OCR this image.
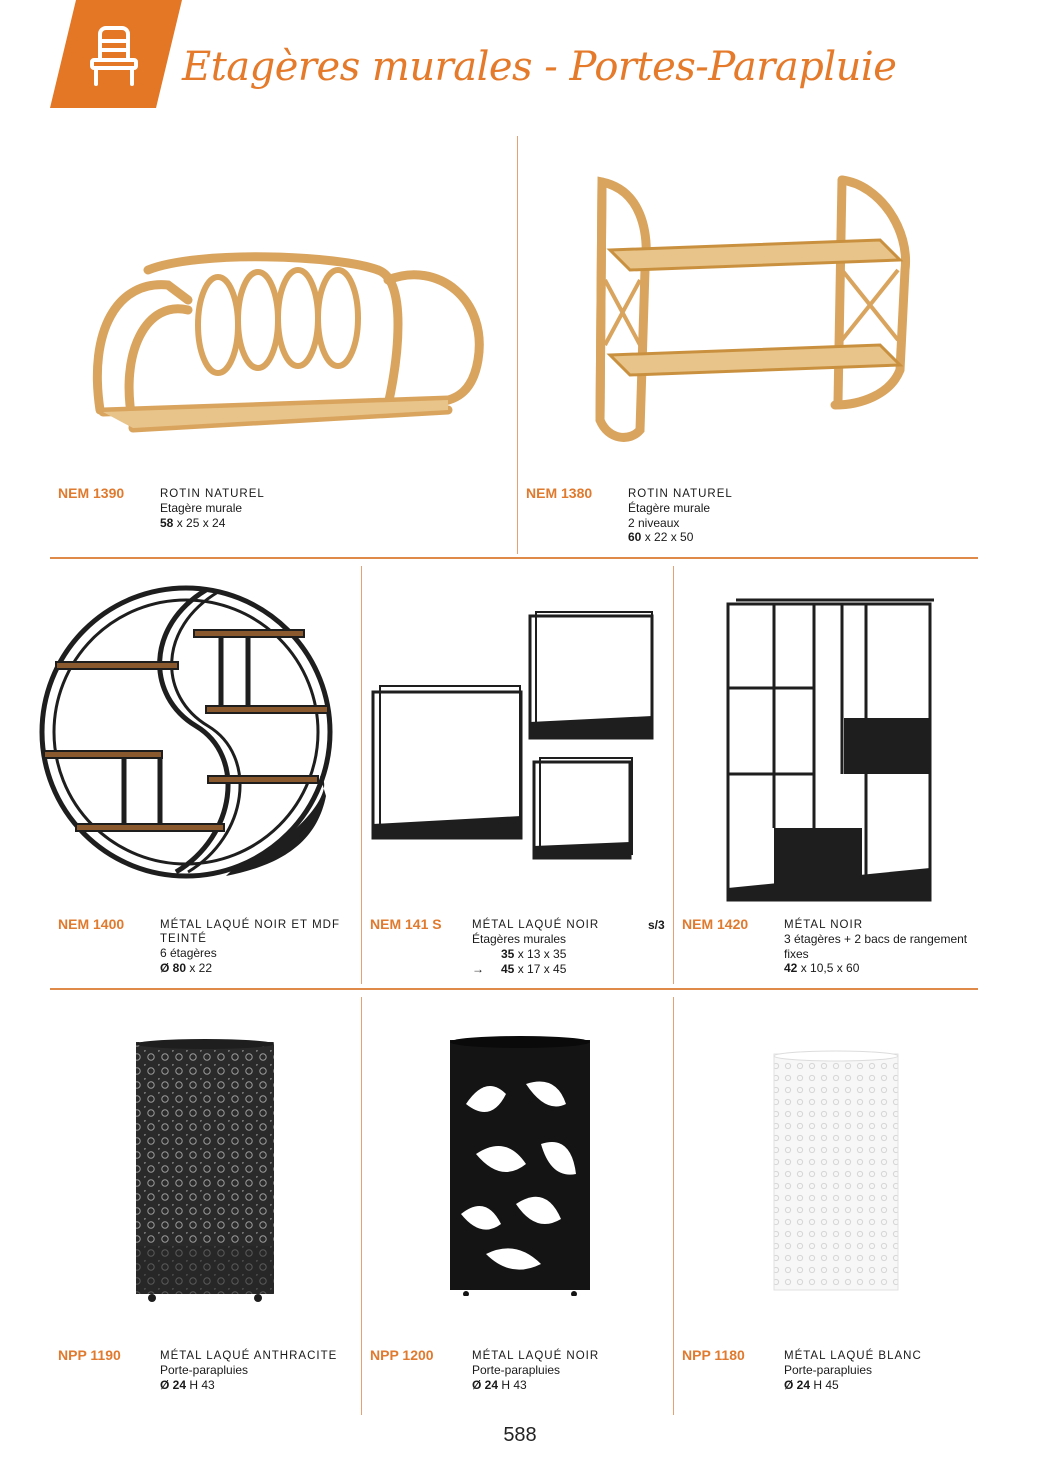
Etagères murales - Portes-Parapluie
NEM 1390	ROTIN NATUREL
Etagère murale
58 x 25 x 24
NEM 1380	ROTIN NATUREL
Étagère murale
2 niveaux
60 x 22 x 50
NEM 1400	MÉTAL LAQUÉ NOIR ET MDF TEINTÉ
6 étagères
Ø 80 x 22
NEM 141 S	s/3
MÉTAL LAQUÉ NOIR
Étagères murales
35 x 13 x 35
→ 45 x 17 x 45
NEM 1420	MÉTAL NOIR
3 étagères + 2 bacs de rangement
fixes
42 x 10,5 x 60
NPP 1190	MÉTAL LAQUÉ ANTHRACITE
Porte-parapluies
Ø 24 H 43
NPP 1200	MÉTAL LAQUÉ NOIR
Porte-parapluies
Ø 24 H 43
NPP 1180	MÉTAL LAQUÉ BLANC
Porte-parapluies
Ø 24 H 45
588
